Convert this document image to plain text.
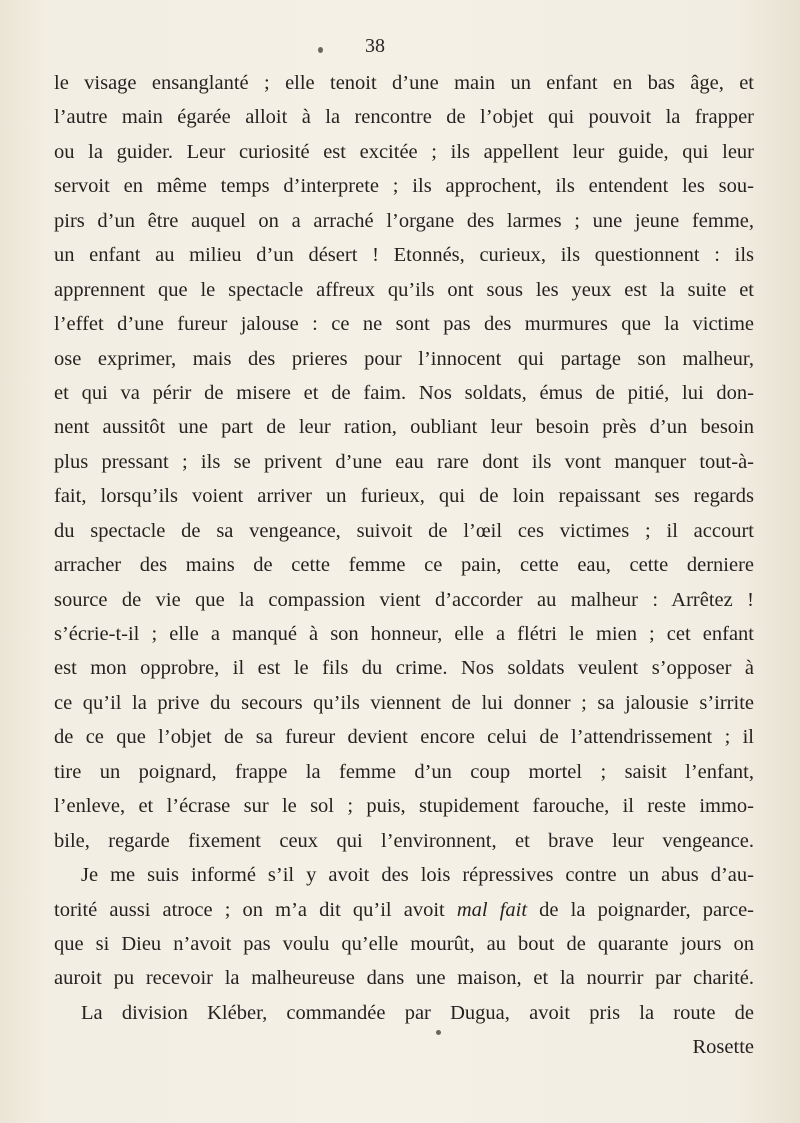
38
le visage ensanglanté ; elle tenoit d’une main un enfant en bas âge, et
l’autre main égarée alloit à la rencontre de l’objet qui pouvoit la frapper
ou la guider. Leur curiosité est excitée ; ils appellent leur guide, qui leur
servoit en même temps d’interprete ; ils approchent, ils entendent les sou-
pirs d’un être auquel on a arraché l’organe des larmes ; une jeune femme,
un enfant au milieu d’un désert ! Etonnés, curieux, ils questionnent : ils
apprennent que le spectacle affreux qu’ils ont sous les yeux est la suite et
l’effet d’une fureur jalouse : ce ne sont pas des murmures que la victime
ose exprimer, mais des prieres pour l’innocent qui partage son malheur,
et qui va périr de misere et de faim. Nos soldats, émus de pitié, lui don-
nent aussitôt une part de leur ration, oubliant leur besoin près d’un besoin
plus pressant ; ils se privent d’une eau rare dont ils vont manquer tout-à-
fait, lorsqu’ils voient arriver un furieux, qui de loin repaissant ses regards
du spectacle de sa vengeance, suivoit de l’œil ces victimes ; il accourt
arracher des mains de cette femme ce pain, cette eau, cette derniere
source de vie que la compassion vient d’accorder au malheur : Arrêtez !
s’écrie-t-il ; elle a manqué à son honneur, elle a flétri le mien ; cet enfant
est mon opprobre, il est le fils du crime. Nos soldats veulent s’opposer à
ce qu’il la prive du secours qu’ils viennent de lui donner ; sa jalousie s’irrite
de ce que l’objet de sa fureur devient encore celui de l’attendrissement ; il
tire un poignard, frappe la femme d’un coup mortel ; saisit l’enfant,
l’enleve, et l’écrase sur le sol ; puis, stupidement farouche, il reste immo-
bile, regarde fixement ceux qui l’environnent, et brave leur vengeance.
Je me suis informé s’il y avoit des lois répressives contre un abus d’au-
torité aussi atroce ; on m’a dit qu’il avoit mal fait de la poignarder, parce-
que si Dieu n’avoit pas voulu qu’elle mourût, au bout de quarante jours on
auroit pu recevoir la malheureuse dans une maison, et la nourrir par charité.
La division Kléber, commandée par Dugua, avoit pris la route de
Rosette
